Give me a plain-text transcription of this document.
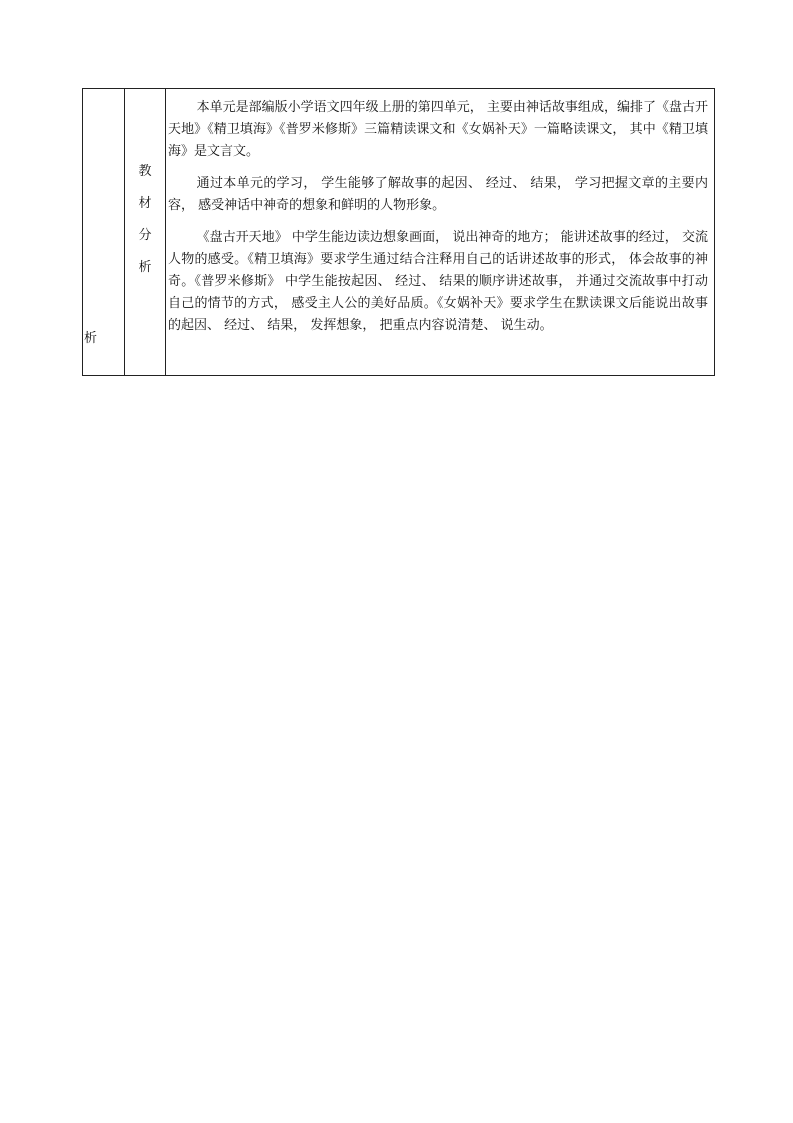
析
教
材
分
析

本单元是部编版小学语文四年级上册的第四单元， 主要由神话故事组成，编排了《盘古开天地》《精卫填海》《普罗米修斯》三篇精读课文和《女娲补天》一篇略读课文， 其中《精卫填海》是文言文。

通过本单元的学习， 学生能够了解故事的起因、 经过、 结果， 学习把握文章的主要内容， 感受神话中神奇的想象和鲜明的人物形象。

《盘古开天地》 中学生能边读边想象画面， 说出神奇的地方； 能讲述故事的经过， 交流人物的感受。《精卫填海》要求学生通过结合注释用自己的话讲述故事的形式， 体会故事的神奇。《普罗米修斯》 中学生能按起因、 经过、 结果的顺序讲述故事， 并通过交流故事中打动自己的情节的方式， 感受主人公的美好品质。《女娲补天》要求学生在默读课文后能说出故事的起因、 经过、 结果， 发挥想象， 把重点内容说清楚、 说生动。
